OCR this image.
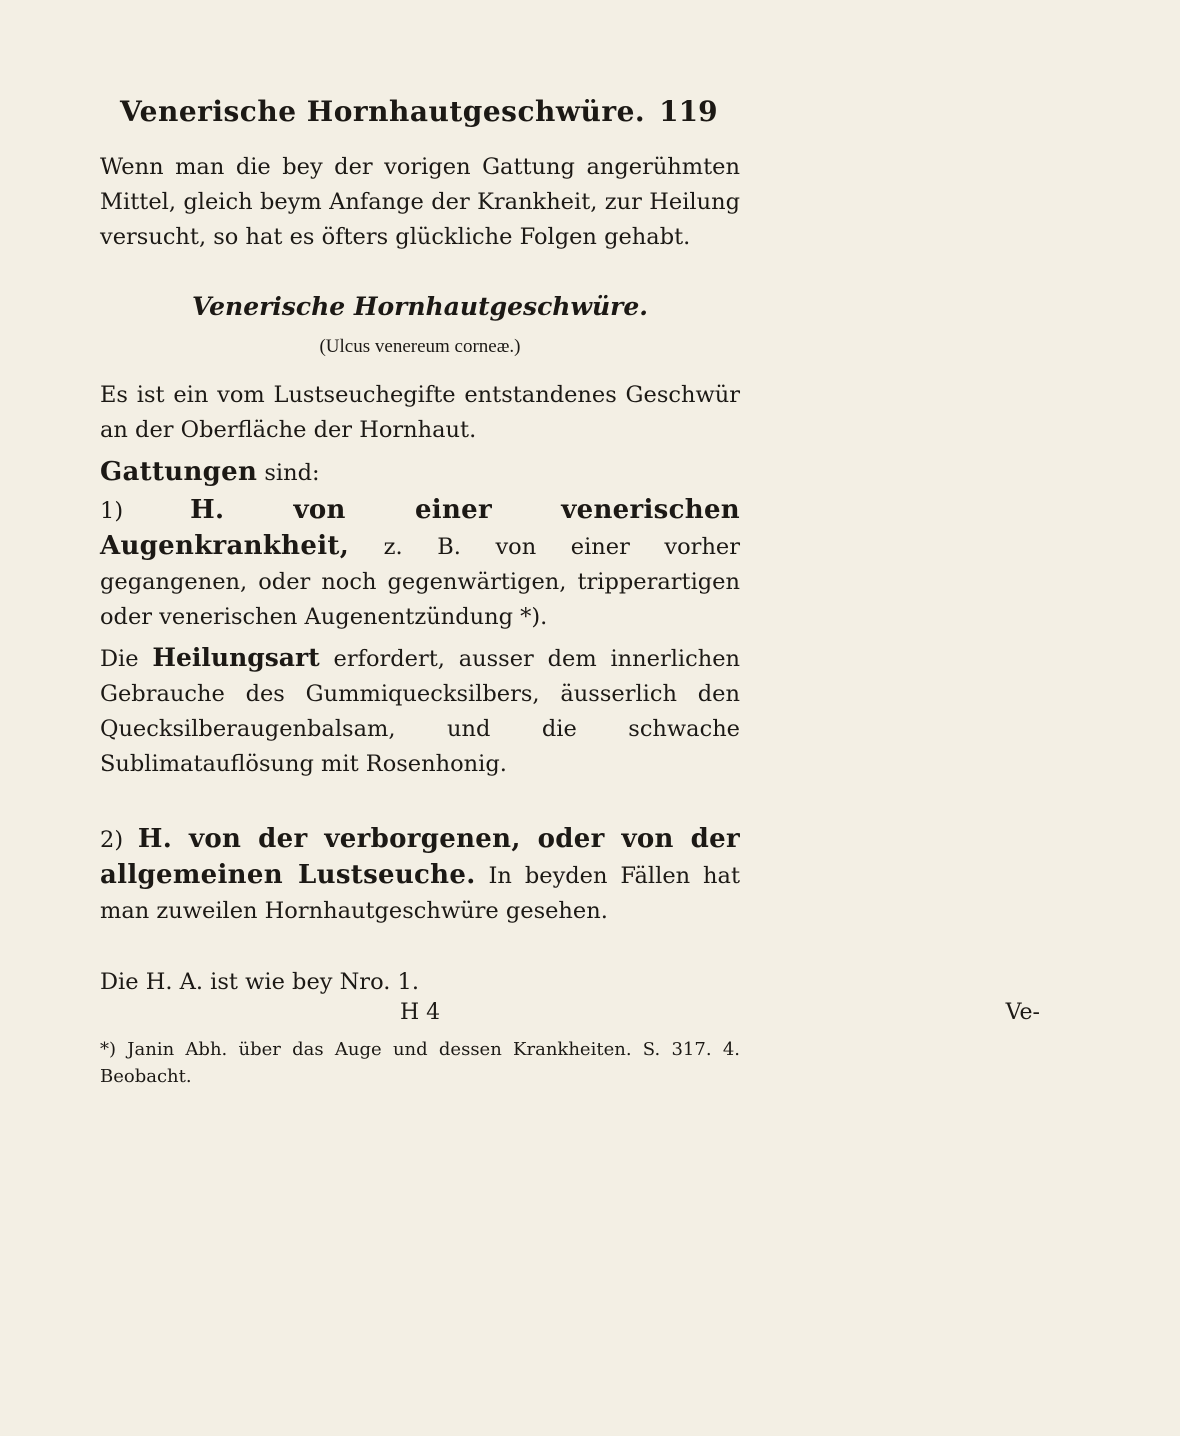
Venerische Hornhautgeschwüre. 119

Wenn man die bey der vorigen Gattung angerühmten Mittel, gleich beym Anfange der Krankheit, zur Heilung versucht, so hat es öfters glückliche Folgen gehabt.

Venerische Hornhautgeschwüre.
(Ulcus venereum corneæ.)

Es ist ein vom Lustseuchegifte entstandenes Geschwür an der Oberfläche der Hornhaut.

Gattungen sind:

1)	H. von einer venerischen Augenkrankheit, z. B. von einer vorher gegangenen, oder noch gegenwärtigen, tripperartigen oder venerischen Augenentzündung *).

Die Heilungsart erfordert, ausser dem innerlichen Gebrauche des Gummiquecksilbers, äusserlich den Quecksilberaugenbalsam, und die schwache Sublimatauflösung mit Rosenhonig.

2) H. von der verborgenen, oder von der allgemeinen Lustseuche. In beyden Fällen hat man zuweilen Hornhautgeschwüre gesehen.

Die H. A. ist wie bey Nro. 1.

H 4	Ve-

*) Janin Abh. über das Auge und dessen Krankheiten. S. 317. 4. Beobacht.
